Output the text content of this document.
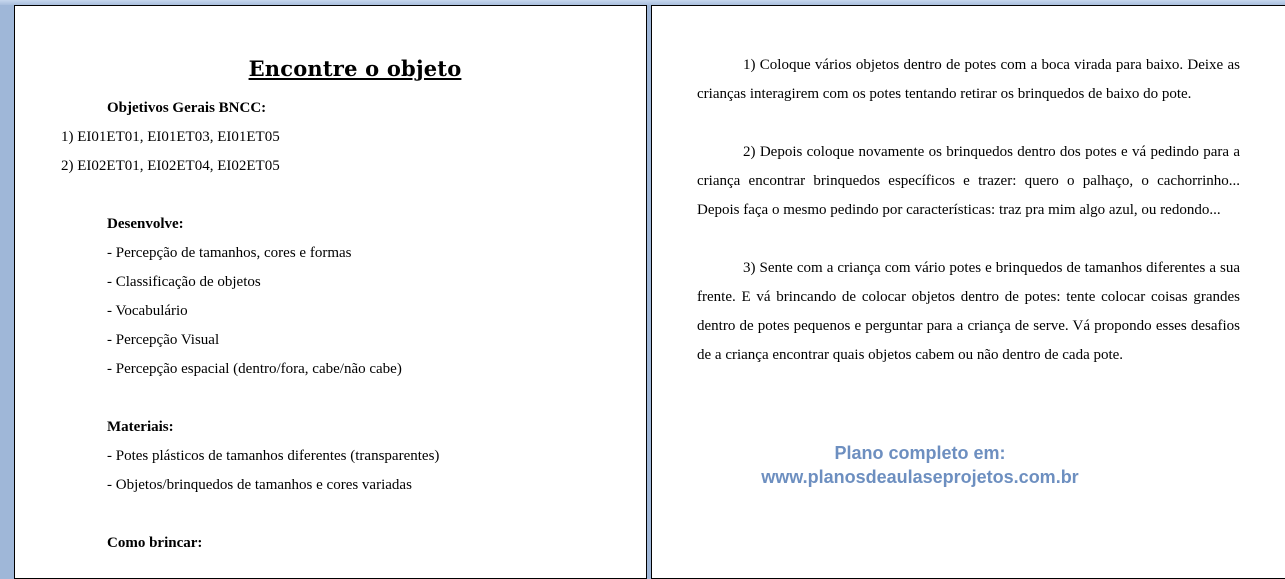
Encontre o objeto
Objetivos Gerais BNCC:
1) EI01ET01, EI01ET03, EI01ET05
2) EI02ET01, EI02ET04, EI02ET05
Desenvolve:
- Percepção de tamanhos, cores e formas
- Classificação de objetos
- Vocabulário
- Percepção Visual
- Percepção espacial (dentro/fora, cabe/não cabe)
Materiais:
- Potes plásticos de tamanhos diferentes (transparentes)
- Objetos/brinquedos de tamanhos e cores variadas
Como brincar:

1) Coloque vários objetos dentro de potes com a boca virada para baixo. Deixe as crianças interagirem com os potes tentando retirar os brinquedos de baixo do pote.

2) Depois coloque novamente os brinquedos dentro dos potes e vá pedindo para a criança encontrar brinquedos específicos e trazer: quero o palhaço, o cachorrinho... Depois faça o mesmo pedindo por características: traz pra mim algo azul, ou redondo...

3) Sente com a criança com vário potes e brinquedos de tamanhos diferentes a sua frente. E vá brincando de colocar objetos dentro de potes: tente colocar coisas grandes dentro de potes pequenos e perguntar para a criança de serve. Vá propondo esses desafios de a criança encontrar quais objetos cabem ou não dentro de cada pote.

Plano completo em:
www.planosdeaulaseprojetos.com.br
